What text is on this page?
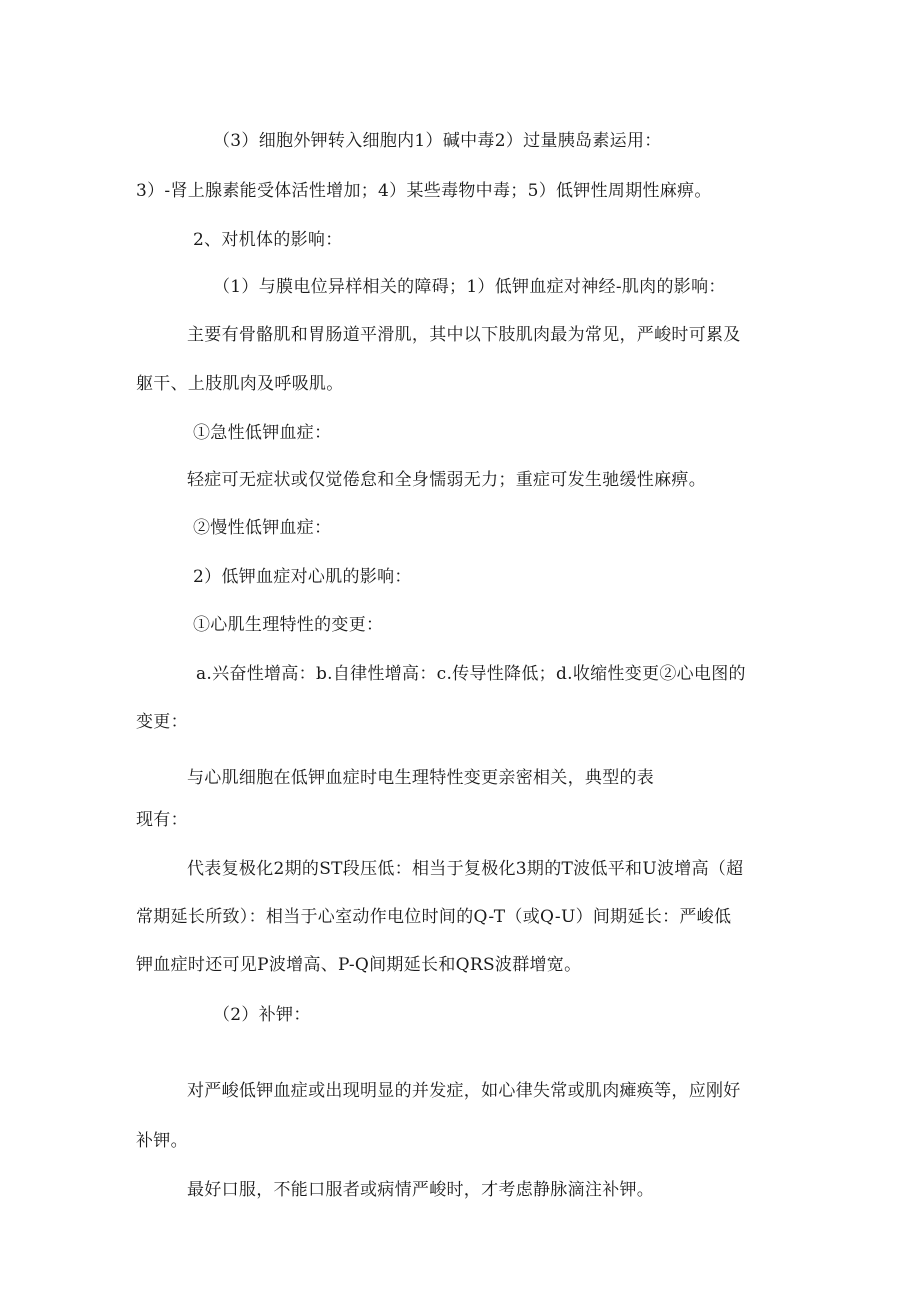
（3）细胞外钾转入细胞内1）碱中毒2）过量胰岛素运用：
3）-肾上腺素能受体活性增加；4）某些毒物中毒；5）低钾性周期性麻痹。
2、对机体的影响：
（1）与膜电位异样相关的障碍；1）低钾血症对神经-肌肉的影响：
主要有骨骼肌和胃肠道平滑肌，其中以下肢肌肉最为常见，严峻时可累及
躯干、上肢肌肉及呼吸肌。
①急性低钾血症：
轻症可无症状或仅觉倦怠和全身懦弱无力；重症可发生驰缓性麻痹。
②慢性低钾血症：
2）低钾血症对心肌的影响：
①心肌生理特性的变更：
a.兴奋性增高：b.自律性增高：c.传导性降低；d.收缩性变更②心电图的
变更：
与心肌细胞在低钾血症时电生理特性变更亲密相关，典型的表
现有：
代表复极化2期的ST段压低：相当于复极化3期的T波低平和U波增高（超
常期延长所致）：相当于心室动作电位时间的Q-T（或Q-U）间期延长：严峻低
钾血症时还可见P波增高、P-Q间期延长和QRS波群增宽。
（2）补钾：
对严峻低钾血症或出现明显的并发症，如心律失常或肌肉瘫痪等，应刚好
补钾。
最好口服，不能口服者或病情严峻时，才考虑静脉滴注补钾。
